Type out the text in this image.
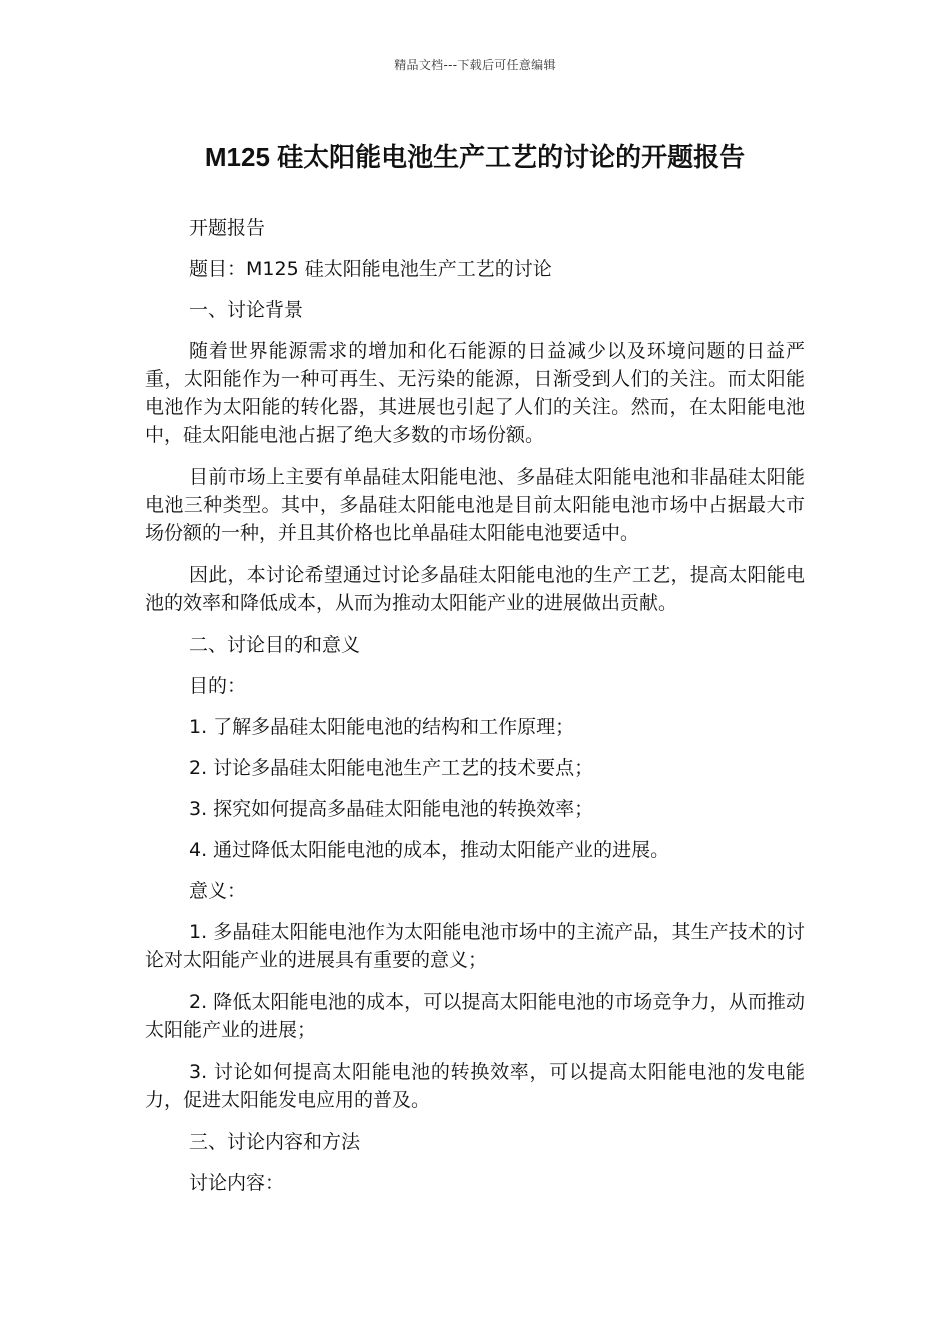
精品文档---下载后可任意编辑
M125 硅太阳能电池生产工艺的讨论的开题报告

开题报告

题目：M125 硅太阳能电池生产工艺的讨论

一、讨论背景

随着世界能源需求的增加和化石能源的日益减少以及环境问题的日益严重，太阳能作为一种可再生、无污染的能源，日渐受到人们的关注。而太阳能电池作为太阳能的转化器，其进展也引起了人们的关注。然而，在太阳能电池中，硅太阳能电池占据了绝大多数的市场份额。

目前市场上主要有单晶硅太阳能电池、多晶硅太阳能电池和非晶硅太阳能电池三种类型。其中，多晶硅太阳能电池是目前太阳能电池市场中占据最大市场份额的一种，并且其价格也比单晶硅太阳能电池要适中。

因此，本讨论希望通过讨论多晶硅太阳能电池的生产工艺，提高太阳能电池的效率和降低成本，从而为推动太阳能产业的进展做出贡献。

二、讨论目的和意义

目的：

1. 了解多晶硅太阳能电池的结构和工作原理；

2. 讨论多晶硅太阳能电池生产工艺的技术要点；

3. 探究如何提高多晶硅太阳能电池的转换效率；

4. 通过降低太阳能电池的成本，推动太阳能产业的进展。

意义：

1. 多晶硅太阳能电池作为太阳能电池市场中的主流产品，其生产技术的讨论对太阳能产业的进展具有重要的意义；

2. 降低太阳能电池的成本，可以提高太阳能电池的市场竞争力，从而推动太阳能产业的进展；

3. 讨论如何提高太阳能电池的转换效率，可以提高太阳能电池的发电能力，促进太阳能发电应用的普及。

三、讨论内容和方法

讨论内容：
